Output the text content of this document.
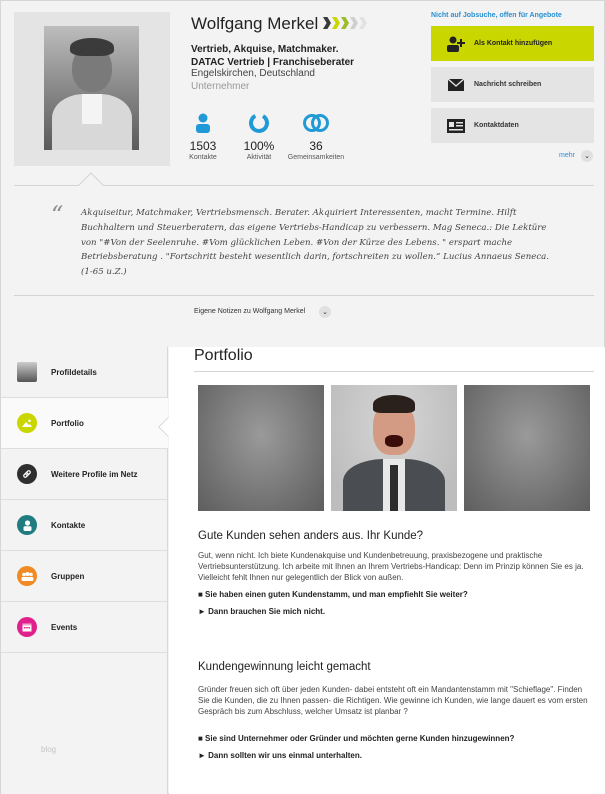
Wolfgang Merkel
Vertrieb, Akquise, Matchmaker.
DATAC Vertrieb | Franchiseberater
Engelskirchen, Deutschland
Unternehmer
1503
Kontakte
100%
Aktivität
36
Gemeinsamkeiten
Nicht auf Jobsuche, offen für Angebote
Als Kontakt hinzufügen
Nachricht schreiben
Kontaktdaten
mehr	⌄
“ Akquiseitur, Matchmaker, Vertriebsmensch. Berater. Akquiriert Interessenten, macht Termine. Hilft Buchhaltern und Steuerberatern, das eigene Vertriebs-Handicap zu verbessern. Mag Seneca.: Die Lektüre von "#Von der Seelenruhe. #Vom glücklichen Leben. #Von der Kürze des Lebens. " erspart mache Betriebsberatung . "Fortschritt besteht wesentlich darin, fortschreiten zu wollen.“ Lucius Annaeus Seneca. (1-65 u.Z.)
Eigene Notizen zu Wolfgang Merkel	⌄
Profildetails
Portfolio
Weitere Profile im Netz
Kontakte
Gruppen
Events
blog
Portfolio
Gute Kunden sehen anders aus. Ihr Kunde?
Gut, wenn nicht. Ich biete Kundenakquise und Kundenbetreuung, praxisbezogene und praktische Vertriebsunterstützung. Ich arbeite mit Ihnen an Ihrem Vertriebs-Handicap: Denn im Prinzip können Sie es ja. Vielleicht fehlt Ihnen nur gelegentlich der Blick von außen.
■ Sie haben einen guten Kundenstamm, und man empfiehlt Sie weiter?
► Dann brauchen Sie mich nicht.
Kundengewinnung leicht gemacht
Gründer freuen sich oft über jeden Kunden- dabei entsteht oft ein Mandantenstamm mit "Schieflage". Finden Sie die Kunden, die zu Ihnen passen- die Richtigen. Wie gewinne ich Kunden, wie lange dauert es vom ersten Gespräch bis zum Abschluss, welcher Umsatz ist planbar ?
■ Sie sind Unternehmer oder Gründer und möchten gerne Kunden hinzugewinnen?
► Dann sollten wir uns einmal unterhalten.
